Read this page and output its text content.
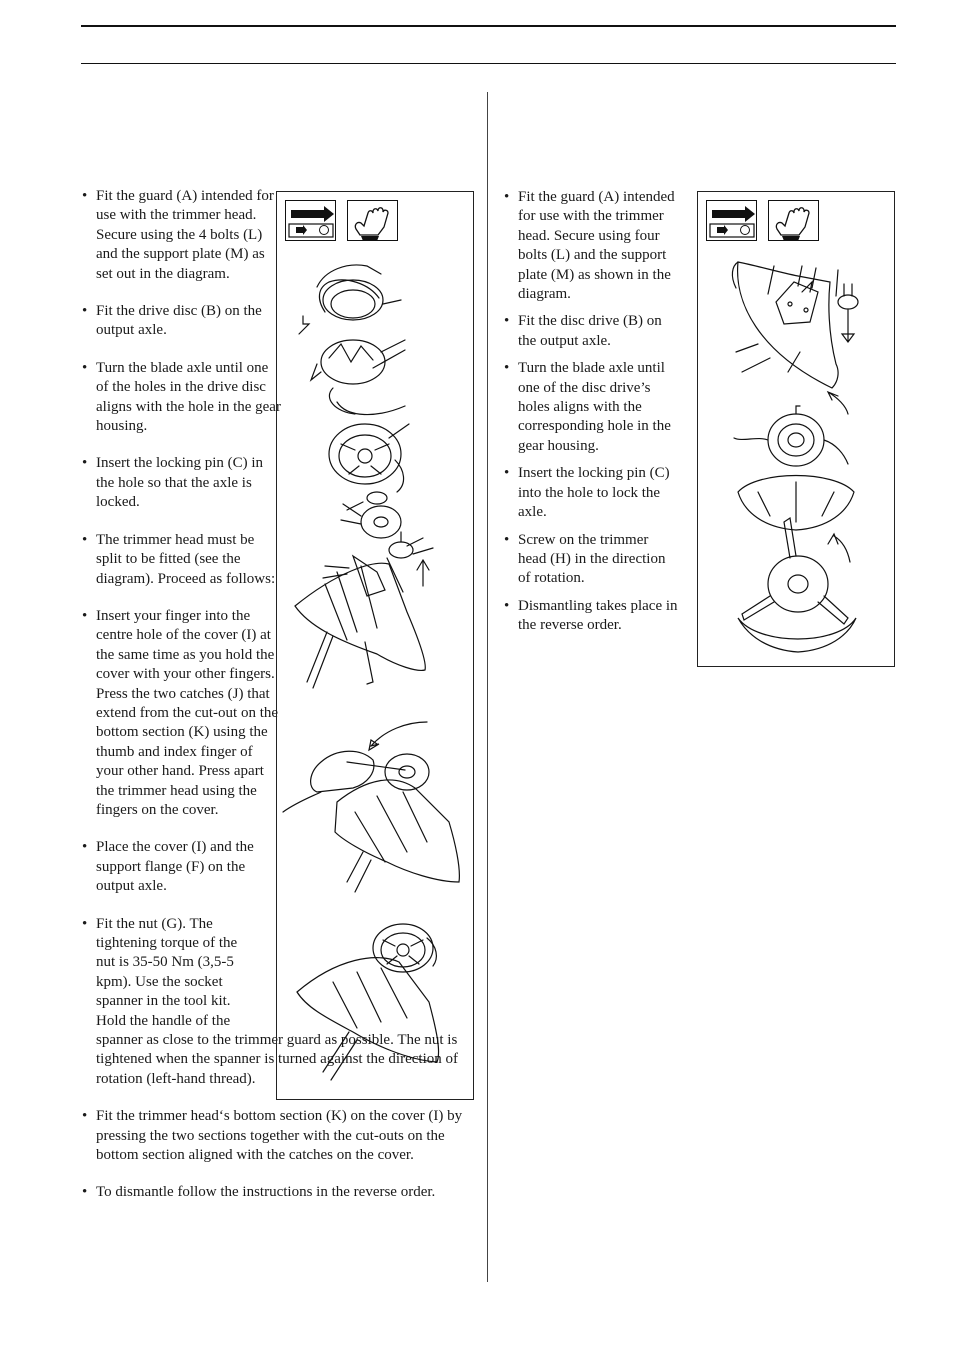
• Fit the guard (A) intended for use with the trimmer head. Secure using the 4 bolts (L) and the support plate (M) as set out in the diagram.
• Fit the drive disc (B) on the output axle.
• Turn the blade axle until one of the holes in the drive disc aligns with the hole in the gear housing.
• Insert the locking pin (C) in the hole so that the axle is locked.
• The trimmer head must be split to be fitted (see the diagram). Proceed as follows:
• Insert your finger into the centre hole of the cover (I) at the same time as you hold the cover with your other fingers. Press the two catches (J) that extend from the cut-out on the bottom section (K) using the thumb and index finger of your other hand. Press apart the trimmer head using the fingers on the cover.
• Place the cover (I) and the support flange (F) on the output axle.
• Fit the nut (G). The tightening torque of the nut is 35-50 Nm (3,5-5 kpm). Use the socket spanner in the tool kit. Hold the handle of the
spanner as close to the trimmer guard as possible. The nut is tightened when the spanner is turned against the direction of rotation (left-hand thread).
• Fit the trimmer head‘s bottom section (K) on the cover (I) by pressing the two sections together with the cut-outs on the bottom section aligned with the catches on the cover.
• To dismantle follow the instructions in the reverse order.
• Fit the guard (A) intended for use with the trimmer head. Secure using four bolts (L) and the support plate (M) as shown in the diagram.
• Fit the disc drive (B) on the output axle.
• Turn the blade axle until one of the disc drive’s holes aligns with the corresponding hole in the gear housing.
• Insert the locking pin (C) into the hole to lock the axle.
• Screw on the trimmer head (H) in the direction of rotation.
• Dismantling takes place in the reverse order.
